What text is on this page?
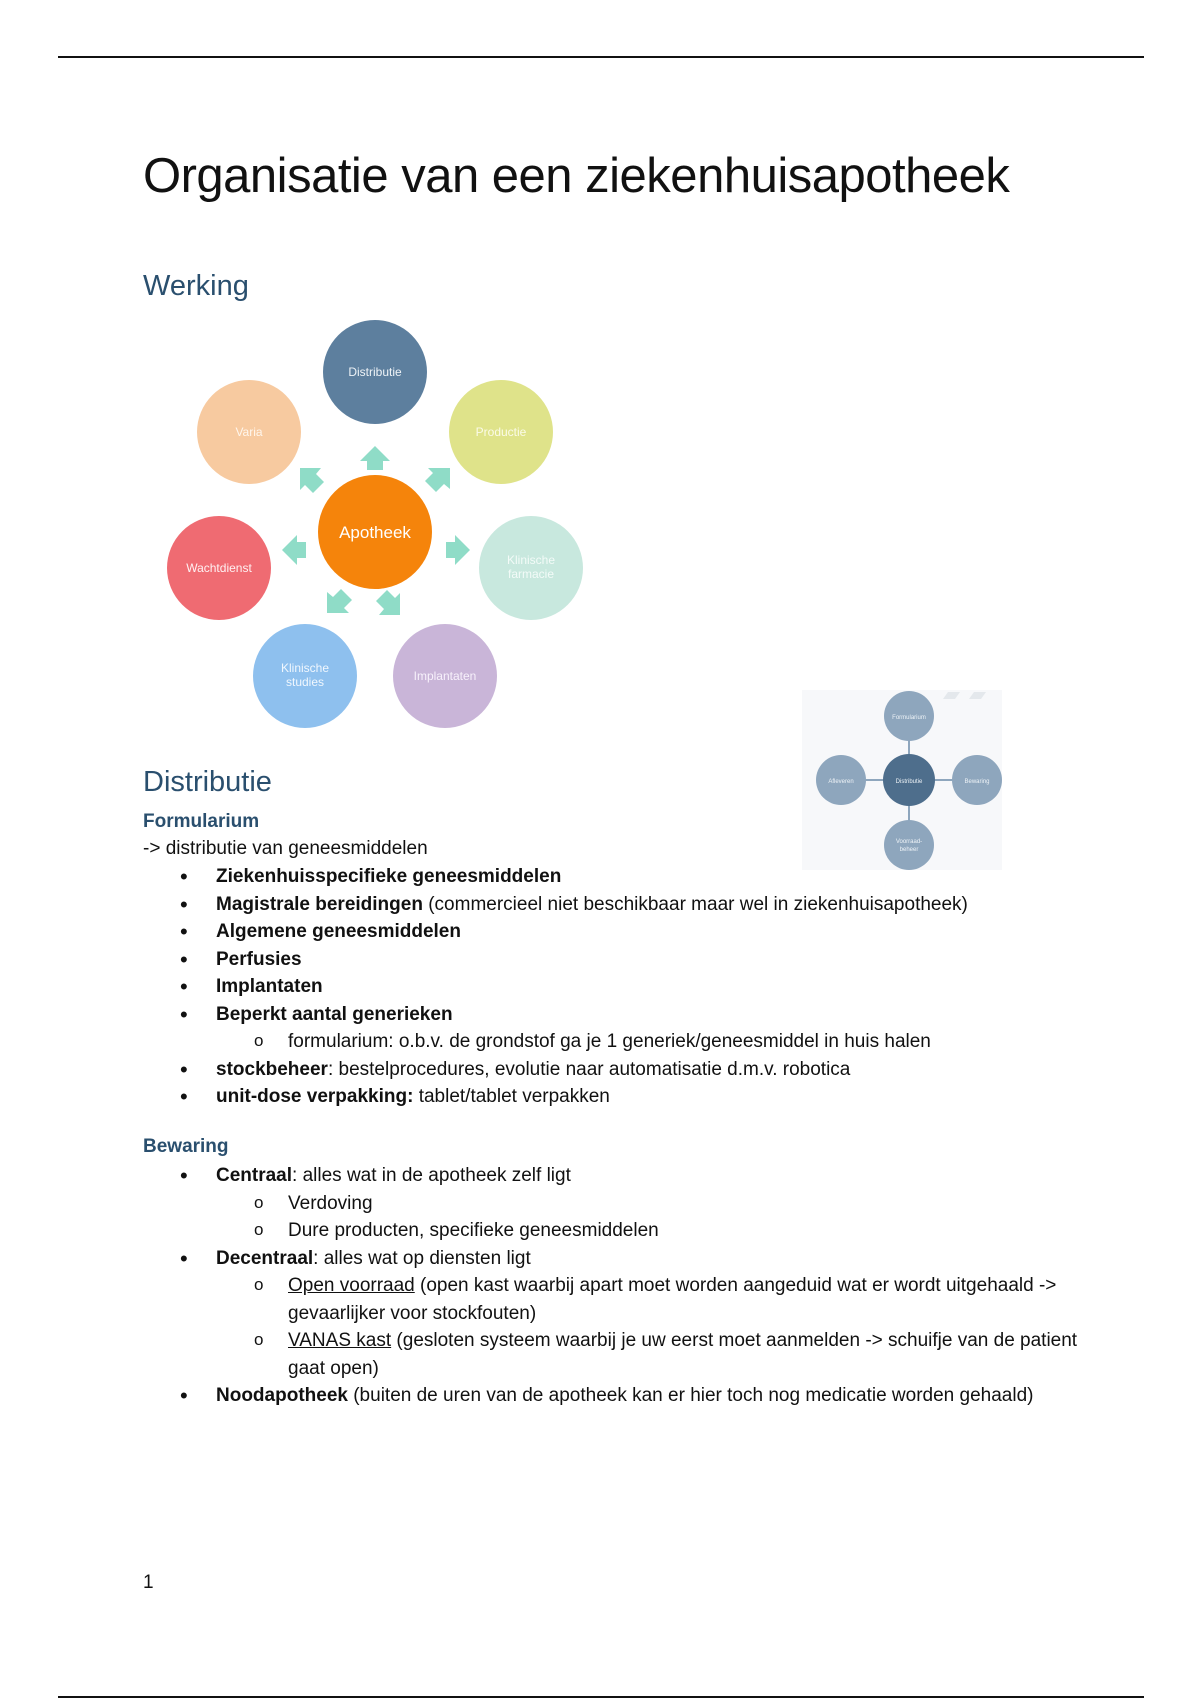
Organisatie van een ziekenhuisapotheek
Werking
Distributie
Productie
Klinische
farmacie
Implantaten
Klinische
studies
Wachtdienst
Varia
Apotheek
Formularium
Afleveren	Bewaring
Voorraad-
beheer
Distributie
Distributie
Formularium

-> distributie van geneesmiddelen

• Ziekenhuisspecifieke geneesmiddelen
• Magistrale bereidingen (commercieel niet beschikbaar maar wel in ziekenhuisapotheek)
• Algemene geneesmiddelen
• Perfusies
• Implantaten
• Beperkt aantal generieken
o formularium: o.b.v. de grondstof ga je 1 generiek/geneesmiddel in huis halen
• stockbeheer: bestelprocedures, evolutie naar automatisatie d.m.v. robotica
• unit-dose verpakking: tablet/tablet verpakken
Bewaring
• Centraal: alles wat in de apotheek zelf ligt
o Verdoving
o Dure producten, specifieke geneesmiddelen
• Decentraal: alles wat op diensten ligt
o Open voorraad (open kast waarbij apart moet worden aangeduid wat er wordt uitgehaald -> gevaarlijker voor stockfouten)
o VANAS kast (gesloten systeem waarbij je uw eerst moet aanmelden -> schuifje van de patient gaat open)
• Noodapotheek (buiten de uren van de apotheek kan er hier toch nog medicatie worden gehaald)

1
